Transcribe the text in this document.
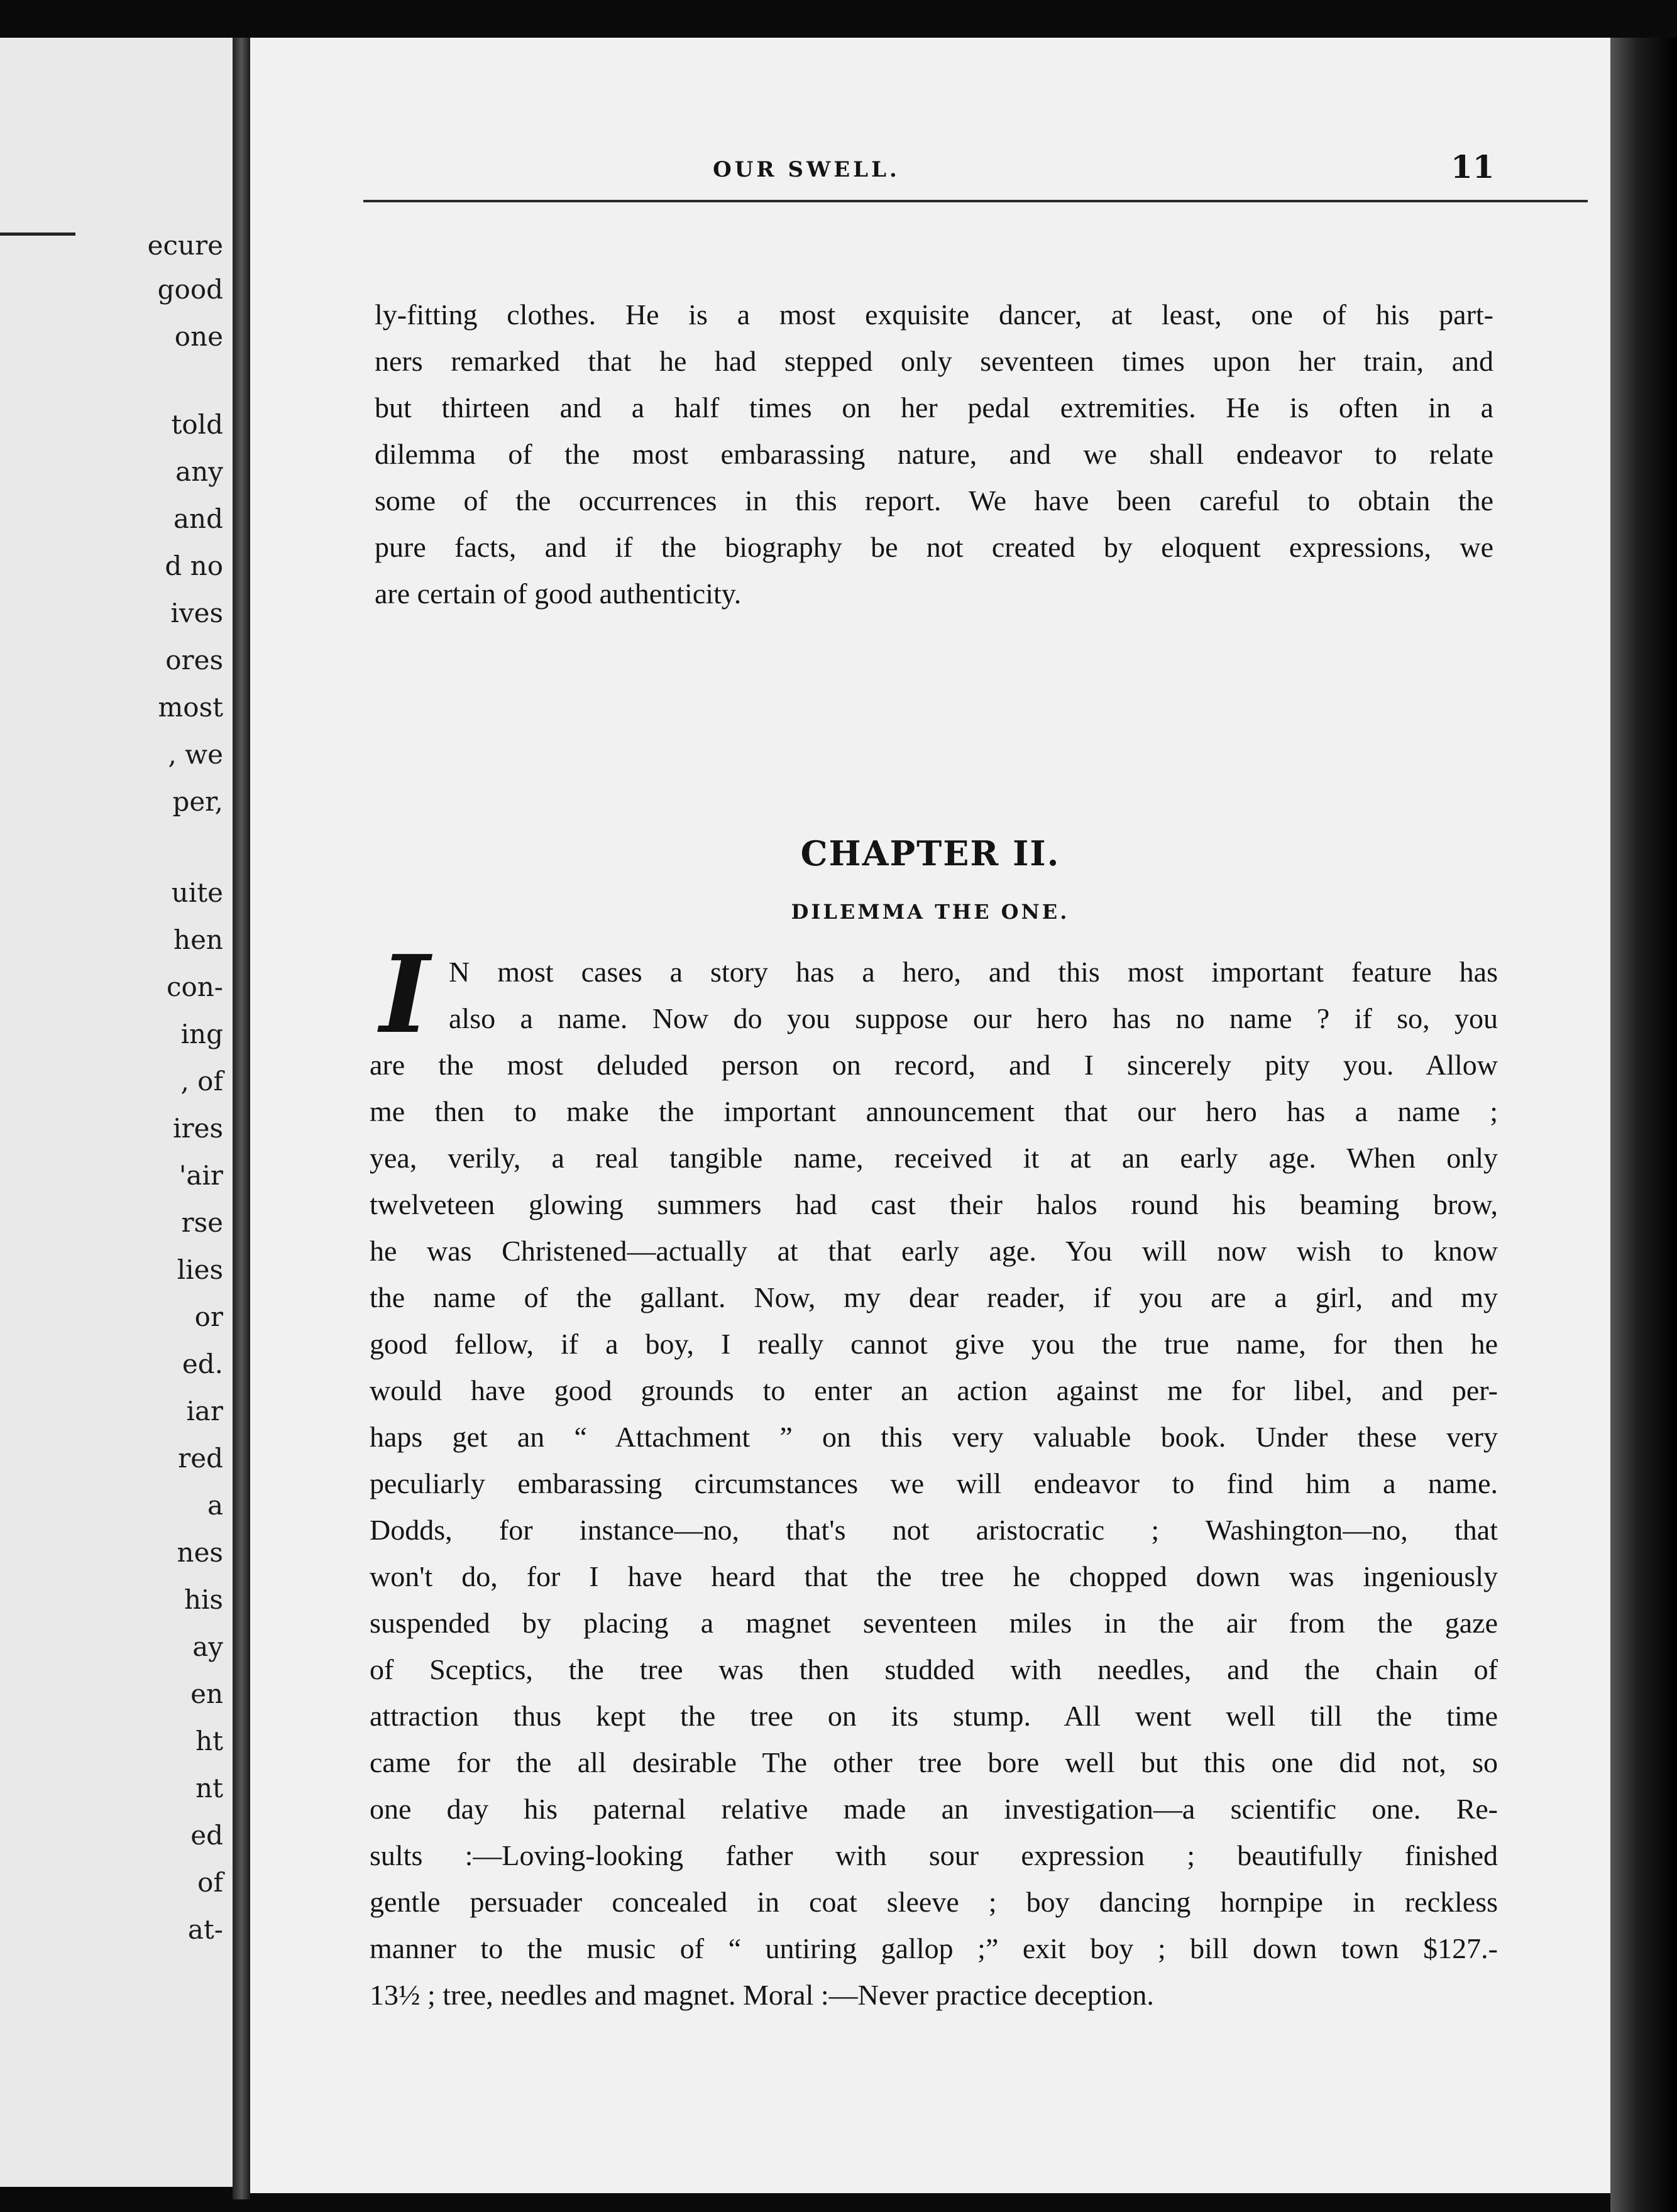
ecure
good
one
told
any
and
d no
ives
ores
most
, we
per,
uite
hen
con-
ing
, of
ires
'air
rse
lies
or
ed.
iar
red
a
nes
his
ay
en
ht
nt
ed
of
at-
OUR SWELL.	11
ly-fitting clothes. He is a most exquisite dancer, at least, one of his part-
ners remarked that he had stepped only seventeen times upon her train, and
but thirteen and a half times on her pedal extremities. He is often in a
dilemma of the most embarassing nature, and we shall endeavor to relate
some of the occurrences in this report. We have been careful to obtain the
pure facts, and if the biography be not created by eloquent expressions, we
are certain of good authenticity.
CHAPTER II.
DILEMMA THE ONE.
I N most cases a story has a hero, and this most important feature has
also a name. Now do you suppose our hero has no name ? if so, you
are the most deluded person on record, and I sincerely pity you. Allow
me then to make the important announcement that our hero has a name ;
yea, verily, a real tangible name, received it at an early age. When only
twelveteen glowing summers had cast their halos round his beaming brow,
he was Christened—actually at that early age. You will now wish to know
the name of the gallant. Now, my dear reader, if you are a girl, and my
good fellow, if a boy, I really cannot give you the true name, for then he
would have good grounds to enter an action against me for libel, and per-
haps get an “ Attachment ” on this very valuable book. Under these very
peculiarly embarassing circumstances we will endeavor to find him a name.
Dodds, for instance—no, that's not aristocratic ; Washington—no, that
won't do, for I have heard that the tree he chopped down was ingeniously
suspended by placing a magnet seventeen miles in the air from the gaze
of Sceptics, the tree was then studded with needles, and the chain of
attraction thus kept the tree on its stump. All went well till the time
came for the all desirable The other tree bore well but this one did not, so
one day his paternal relative made an investigation—a scientific one. Re-
sults :—Loving-looking father with sour expression ; beautifully finished
gentle persuader concealed in coat sleeve ; boy dancing hornpipe in reckless
manner to the music of “ untiring gallop ;” exit boy ; bill down town $127.-
13½ ; tree, needles and magnet. Moral :—Never practice deception.
